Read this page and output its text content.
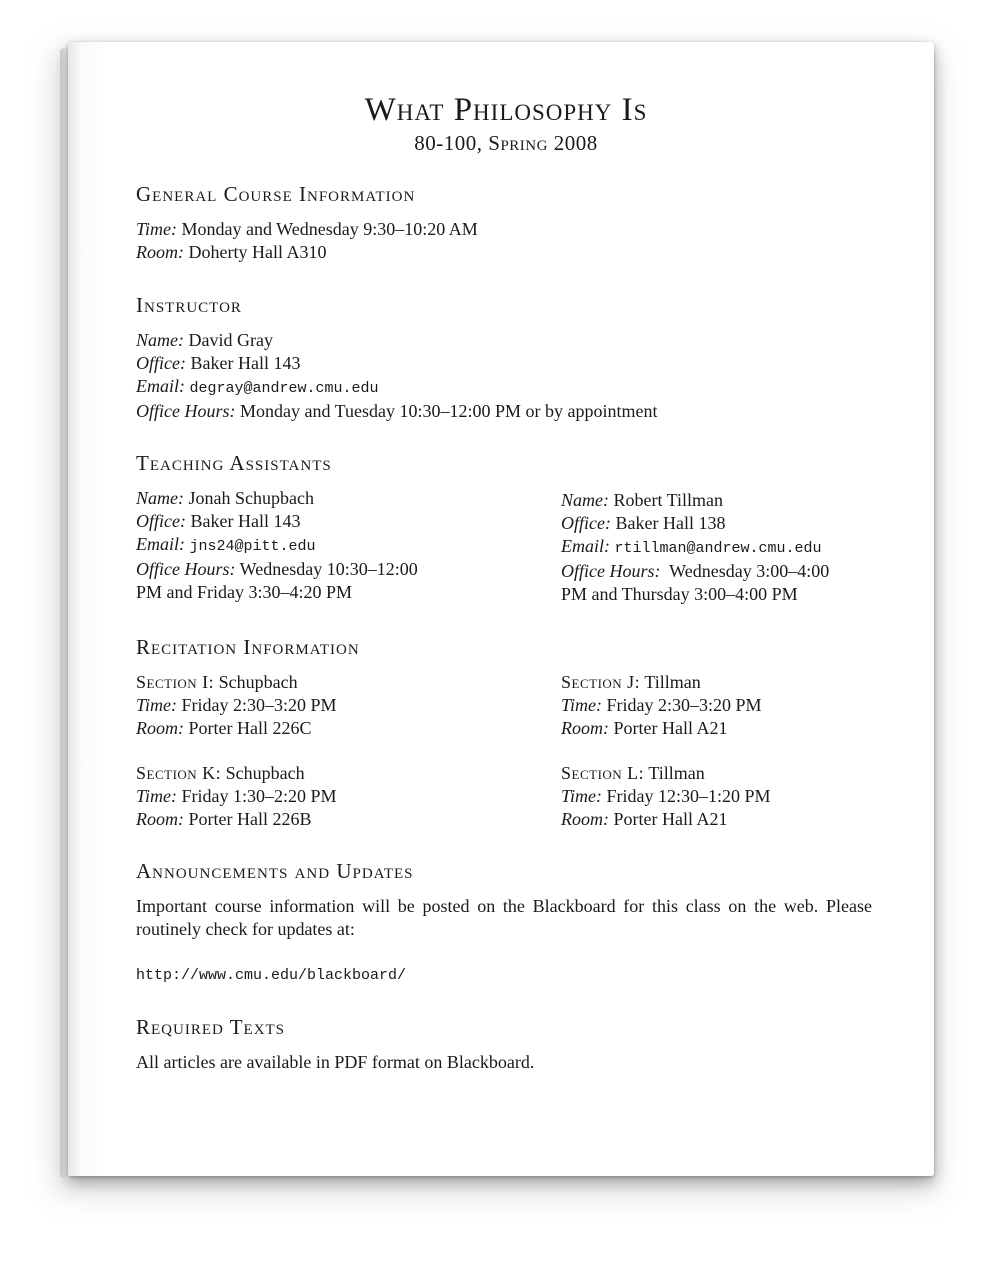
What Philosophy Is
80-100, Spring 2008
General Course Information
Time: Monday and Wednesday 9:30–10:20 AM
Room: Doherty Hall A310
Instructor
Name: David Gray
Office: Baker Hall 143
Email: degray@andrew.cmu.edu
Office Hours: Monday and Tuesday 10:30–12:00 PM or by appointment
Teaching Assistants
Name: Jonah Schupbach
Office: Baker Hall 143
Email: jns24@pitt.edu
Office Hours: Wednesday 10:30–12:00
PM and Friday 3:30–4:20 PM
Name: Robert Tillman
Office: Baker Hall 138
Email: rtillman@andrew.cmu.edu
Office Hours: Wednesday 3:00–4:00
PM and Thursday 3:00–4:00 PM
Recitation Information
Section I: Schupbach
Time: Friday 2:30–3:20 PM
Room: Porter Hall 226C
Section J: Tillman
Time: Friday 2:30–3:20 PM
Room: Porter Hall A21
Section K: Schupbach
Time: Friday 1:30–2:20 PM
Room: Porter Hall 226B
Section L: Tillman
Time: Friday 12:30–1:20 PM
Room: Porter Hall A21
Announcements and Updates
Important course information will be posted on the Blackboard for this class on the web. Please routinely check for updates at:
http://www.cmu.edu/blackboard/
Required Texts
All articles are available in PDF format on Blackboard.
